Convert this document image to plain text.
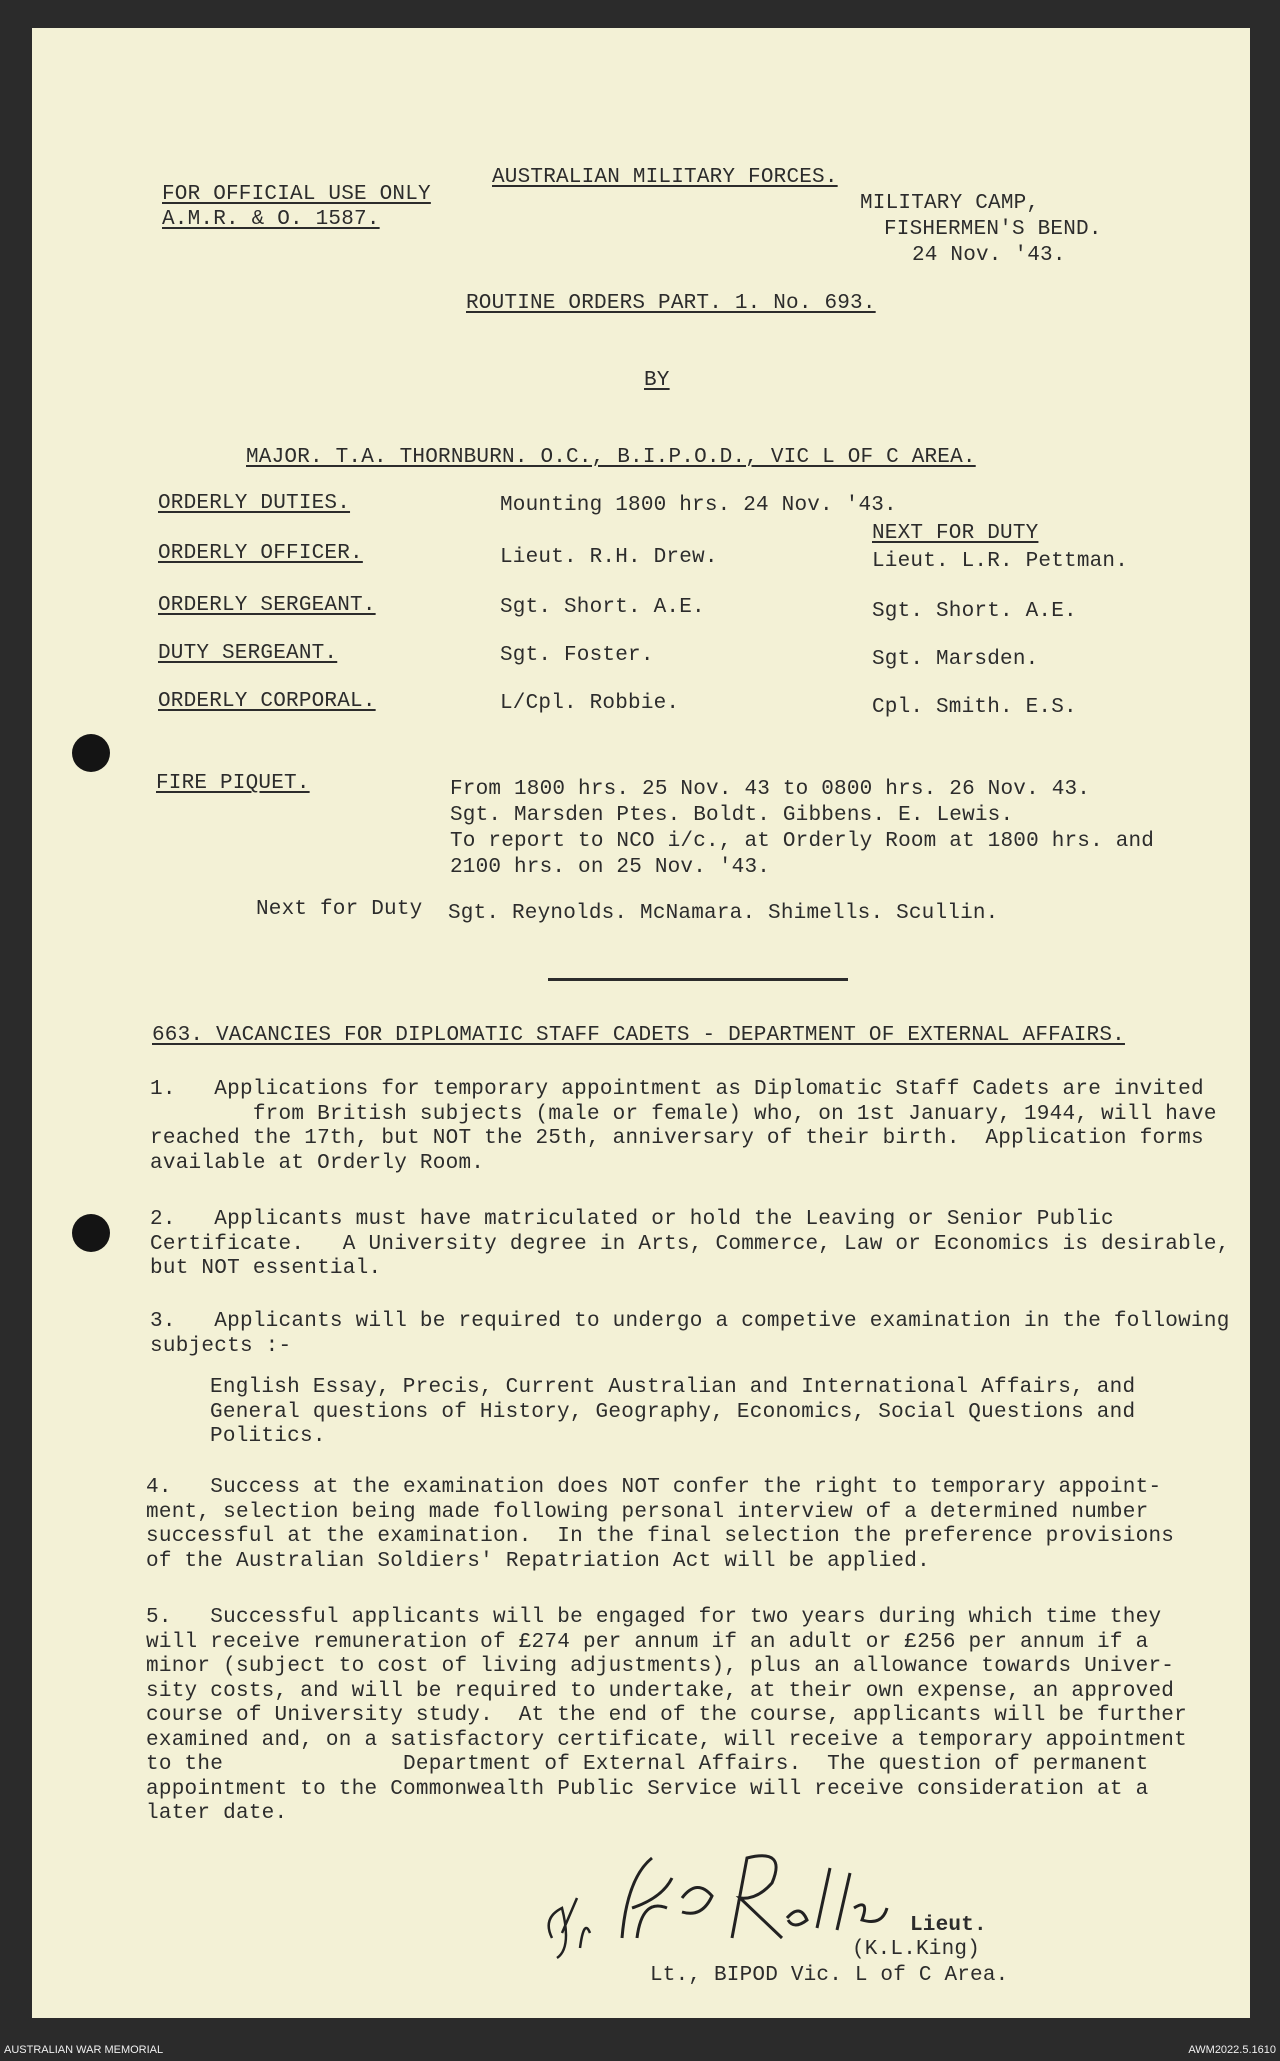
FOR OFFICIAL USE ONLY
A.M.R. & O. 1587.
AUSTRALIAN MILITARY FORCES.
MILITARY CAMP,
FISHERMEN'S BEND.
24 Nov. '43.
ROUTINE ORDERS PART. 1. No. 693.
BY
MAJOR. T.A. THORNBURN. O.C., B.I.P.O.D., VIC L OF C AREA.
ORDERLY DUTIES.	Mounting 1800 hrs. 24 Nov. '43.
NEXT FOR DUTY
ORDERLY OFFICER.	Lieut. R.H. Drew.	Lieut. L.R. Pettman.
ORDERLY SERGEANT.	Sgt. Short. A.E.	Sgt. Short. A.E.
DUTY SERGEANT.	Sgt. Foster.	Sgt. Marsden.
ORDERLY CORPORAL.	L/Cpl. Robbie.	Cpl. Smith. E.S.
FIRE PIQUET.	From 1800 hrs. 25 Nov. 43 to 0800 hrs. 26 Nov. 43.
Sgt. Marsden Ptes. Boldt. Gibbens. E. Lewis.
To report to NCO i/c., at Orderly Room at 1800 hrs. and
2100 hrs. on 25 Nov. '43.
Next for Duty Sgt. Reynolds. McNamara. Shimells. Scullin.
663. VACANCIES FOR DIPLOMATIC STAFF CADETS - DEPARTMENT OF EXTERNAL AFFAIRS.
1.   Applications for temporary appointment as Diplomatic Staff Cadets are invited
from British subjects (male or female) who, on 1st January, 1944, will have
reached the 17th, but NOT the 25th, anniversary of their birth.  Application forms
available at Orderly Room.
2.   Applicants must have matriculated or hold the Leaving or Senior Public
Certificate.   A University degree in Arts, Commerce, Law or Economics is desirable,
but NOT essential.
3.   Applicants will be required to undergo a competive examination in the following
subjects :-
English Essay, Precis, Current Australian and International Affairs, and
General questions of History, Geography, Economics, Social Questions and
Politics.
4.   Success at the examination does NOT confer the right to temporary appoint-
ment, selection being made following personal interview of a determined number
successful at the examination.  In the final selection the preference provisions
of the Australian Soldiers' Repatriation Act will be applied.
5.   Successful applicants will be engaged for two years during which time they
will receive remuneration of £274 per annum if an adult or £256 per annum if a
minor (subject to cost of living adjustments), plus an allowance towards Univer-
sity costs, and will be required to undertake, at their own expense, an approved
course of University study.  At the end of the course, applicants will be further
examined and, on a satisfactory certificate, will receive a temporary appointment
to the              Department of External Affairs.  The question of permanent
appointment to the Commonwealth Public Service will receive consideration at a
later date.
Lieut.
(K.L.King)
Lt., BIPOD Vic. L of C Area.
AUSTRALIAN WAR MEMORIAL	AWM2022.5.1610
